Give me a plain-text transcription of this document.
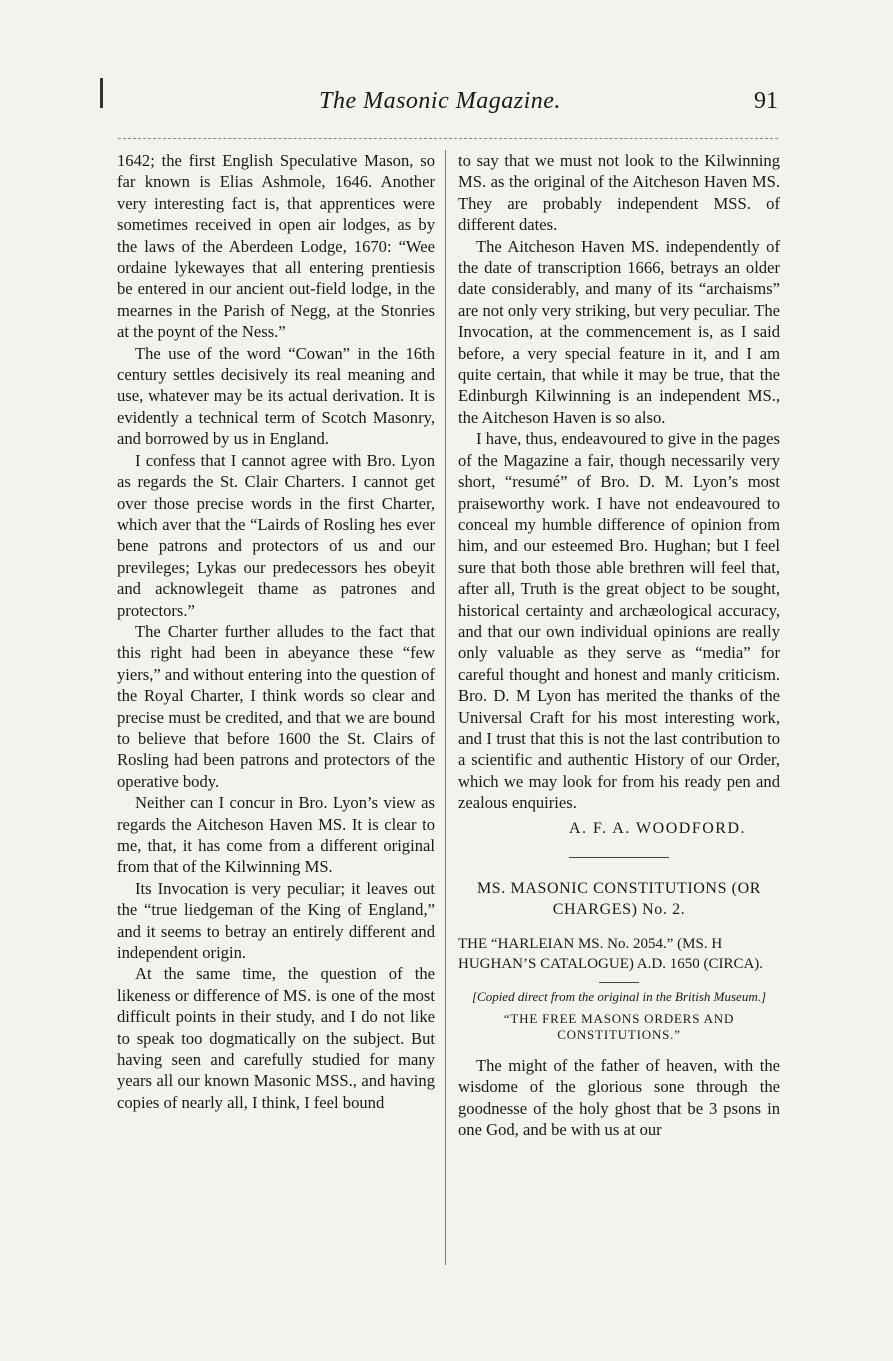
The Masonic Magazine.	91

1642; the first English Speculative Mason, so far known is Elias Ashmole, 1646. Another very interesting fact is, that apprentices were sometimes received in open air lodges, as by the laws of the Aberdeen Lodge, 1670: “Wee ordaine lykewayes that all entering prentiesis be entered in our ancient out-field lodge, in the mearnes in the Parish of Negg, at the Stonries at the poynt of the Ness.”

The use of the word “Cowan” in the 16th century settles decisively its real meaning and use, whatever may be its actual derivation. It is evidently a technical term of Scotch Masonry, and borrowed by us in England.

I confess that I cannot agree with Bro. Lyon as regards the St. Clair Charters. I cannot get over those precise words in the first Charter, which aver that the “Lairds of Rosling hes ever bene patrons and protectors of us and our previleges; Lykas our predecessors hes obeyit and acknowlegeit thame as patrones and protectors.”

The Charter further alludes to the fact that this right had been in abeyance these “few yiers,” and without entering into the question of the Royal Charter, I think words so clear and precise must be credited, and that we are bound to believe that before 1600 the St. Clairs of Rosling had been patrons and protectors of the operative body.

Neither can I concur in Bro. Lyon’s view as regards the Aitcheson Haven MS. It is clear to me, that, it has come from a different original from that of the Kilwinning MS.

Its Invocation is very peculiar; it leaves out the “true liedgeman of the King of England,” and it seems to betray an entirely different and independent origin.

At the same time, the question of the likeness or difference of MS. is one of the most difficult points in their study, and I do not like to speak too dogmatically on the subject. But having seen and carefully studied for many years all our known Masonic MSS., and having copies of nearly all, I think, I feel bound

to say that we must not look to the Kilwinning MS. as the original of the Aitcheson Haven MS. They are probably independent MSS. of different dates.

The Aitcheson Haven MS. independently of the date of transcription 1666, betrays an older date considerably, and many of its “archaisms” are not only very striking, but very peculiar. The Invocation, at the commencement is, as I said before, a very special feature in it, and I am quite certain, that while it may be true, that the Edinburgh Kilwinning is an independent MS., the Aitcheson Haven is so also.

I have, thus, endeavoured to give in the pages of the Magazine a fair, though necessarily very short, “resumé” of Bro. D. M. Lyon’s most praiseworthy work. I have not endeavoured to conceal my humble difference of opinion from him, and our esteemed Bro. Hughan; but I feel sure that both those able brethren will feel that, after all, Truth is the great object to be sought, historical certainty and archæological accuracy, and that our own individual opinions are really only valuable as they serve as “media” for careful thought and honest and manly criticism. Bro. D. M Lyon has merited the thanks of the Universal Craft for his most interesting work, and I trust that this is not the last contribution to a scientific and authentic History of our Order, which we may look for from his ready pen and zealous enquiries.

A. F. A. WOODFORD.
MS. MASONIC CONSTITUTIONS (OR CHARGES) No. 2.
THE “HARLEIAN MS. No. 2054.” (MS. H HUGHAN’S CATALOGUE) A.D. 1650 (CIRCA).
[Copied direct from the original in the British Museum.]
“THE FREE MASONS ORDERS AND CONSTITUTIONS.”

The might of the father of heaven, with the wisdome of the glorious sone through the goodnesse of the holy ghost that be 3 psons in one God, and be with us at our
